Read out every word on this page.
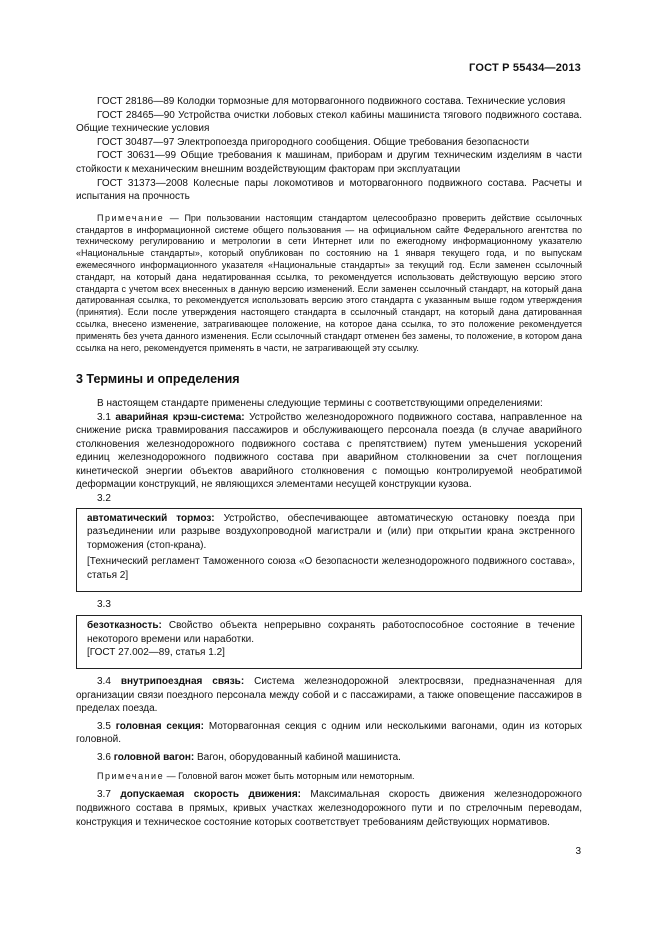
ГОСТ Р 55434—2013

ГОСТ 28186—89 Колодки тормозные для моторвагонного подвижного состава. Технические условия

ГОСТ 28465—90 Устройства очистки лобовых стекол кабины машиниста тягового подвижного состава. Общие технические условия

ГОСТ 30487—97 Электропоезда пригородного сообщения. Общие требования безопасности

ГОСТ 30631—99 Общие требования к машинам, приборам и другим техническим изделиям в части стойкости к механическим внешним воздействующим факторам при эксплуатации

ГОСТ 31373—2008 Колесные пары локомотивов и моторвагонного подвижного состава. Расчеты и испытания на прочность

Примечание — При пользовании настоящим стандартом целесообразно проверить действие ссылочных стандартов в информационной системе общего пользования — на официальном сайте Федерального агентства по техническому регулированию и метрологии в сети Интернет или по ежегодному информационному указателю «Национальные стандарты», который опубликован по состоянию на 1 января текущего года, и по выпускам ежемесячного информационного указателя «Национальные стандарты» за текущий год. Если заменен ссылочный стандарт, на который дана недатированная ссылка, то рекомендуется использовать действующую версию этого стандарта с учетом всех внесенных в данную версию изменений. Если заменен ссылочный стандарт, на который дана датированная ссылка, то рекомендуется использовать версию этого стандарта с указанным выше годом утверждения (принятия). Если после утверждения настоящего стандарта в ссылочный стандарт, на который дана датированная ссылка, внесено изменение, затрагивающее положение, на которое дана ссылка, то это положение рекомендуется применять без учета данного изменения. Если ссылочный стандарт отменен без замены, то положение, в котором дана ссылка на него, рекомендуется применять в части, не затрагивающей эту ссылку.

3 Термины и определения

В настоящем стандарте применены следующие термины с соответствующими определениями:

3.1 аварийная крэш-система: Устройство железнодорожного подвижного состава, направленное на снижение риска травмирования пассажиров и обслуживающего персонала поезда (в случае аварийного столкновения железнодорожного подвижного состава с препятствием) путем уменьшения ускорений единиц железнодорожного подвижного состава при аварийном столкновении за счет поглощения кинетической энергии объектов аварийного столкновения с помощью контролируемой необратимой деформации конструкций, не являющихся элементами несущей конструкции кузова.

3.2

автоматический тормоз: Устройство, обеспечивающее автоматическую остановку поезда при разъединении или разрыве воздухопроводной магистрали и (или) при открытии крана экстренного торможения (стоп-крана).

[Технический регламент Таможенного союза «О безопасности железнодорожного подвижного состава», статья 2]

3.3

безотказность: Свойство объекта непрерывно сохранять работоспособное состояние в течение некоторого времени или наработки.

[ГОСТ 27.002—89, статья 1.2]

3.4 внутрипоездная связь: Система железнодорожной электросвязи, предназначенная для организации связи поездного персонала между собой и с пассажирами, а также оповещение пассажиров в пределах поезда.

3.5 головная секция: Моторвагонная секция с одним или несколькими вагонами, один из которых головной.

3.6 головной вагон: Вагон, оборудованный кабиной машиниста.

Примечание — Головной вагон может быть моторным или немоторным.

3.7 допускаемая скорость движения: Максимальная скорость движения железнодорожного подвижного состава в прямых, кривых участках железнодорожного пути и по стрелочным переводам, конструкция и техническое состояние которых соответствует требованиям действующих нормативов.

3
